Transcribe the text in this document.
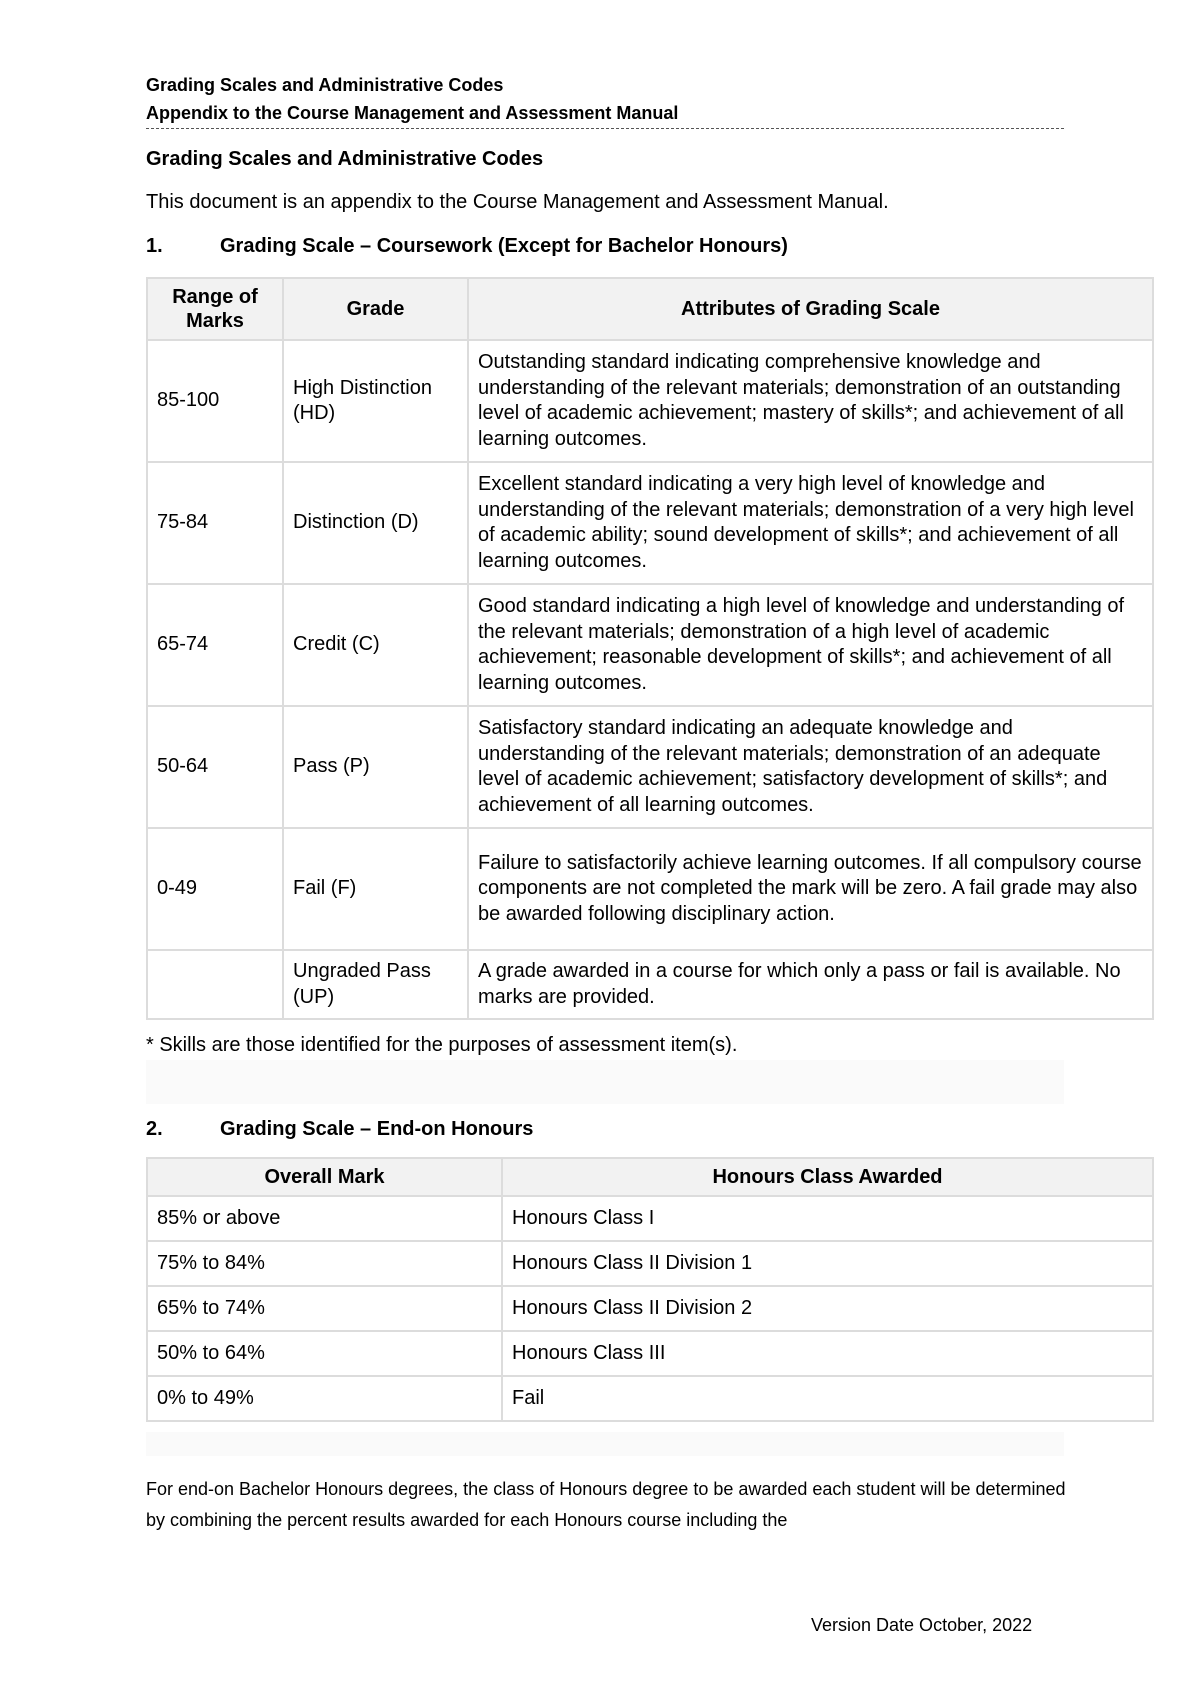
Grading Scales and Administrative Codes
Appendix to the Course Management and Assessment Manual
Grading Scales and Administrative Codes
This document is an appendix to the Course Management and Assessment Manual.
1.	Grading Scale – Coursework (Except for Bachelor Honours)
Range of Marks	Grade	Attributes of Grading Scale
85-100	High Distinction (HD)	Outstanding standard indicating comprehensive knowledge and understanding of the relevant materials; demonstration of an outstanding level of academic achievement; mastery of skills*; and achievement of all learning outcomes.
75-84	Distinction (D)	Excellent standard indicating a very high level of knowledge and understanding of the relevant materials; demonstration of a very high level of academic ability; sound development of skills*; and achievement of all learning outcomes.
65-74	Credit (C)	Good standard indicating a high level of knowledge and understanding of the relevant materials; demonstration of a high level of academic achievement; reasonable development of skills*; and achievement of all learning outcomes.
50-64	Pass (P)	Satisfactory standard indicating an adequate knowledge and understanding of the relevant materials; demonstration of an adequate level of academic achievement; satisfactory development of skills*; and achievement of all learning outcomes.
0-49	Fail (F)	Failure to satisfactorily achieve learning outcomes. If all compulsory course components are not completed the mark will be zero. A fail grade may also be awarded following disciplinary action.
	Ungraded Pass (UP)	A grade awarded in a course for which only a pass or fail is available. No marks are provided.
* Skills are those identified for the purposes of assessment item(s).
2.	Grading Scale – End-on Honours
Overall Mark	Honours Class Awarded
85% or above	Honours Class I
75% to 84%	Honours Class II Division 1
65% to 74%	Honours Class II Division 2
50% to 64%	Honours Class III
0% to 49%	Fail
For end-on Bachelor Honours degrees, the class of Honours degree to be awarded each student will be determined by combining the percent results awarded for each Honours course including the
Version Date October, 2022
